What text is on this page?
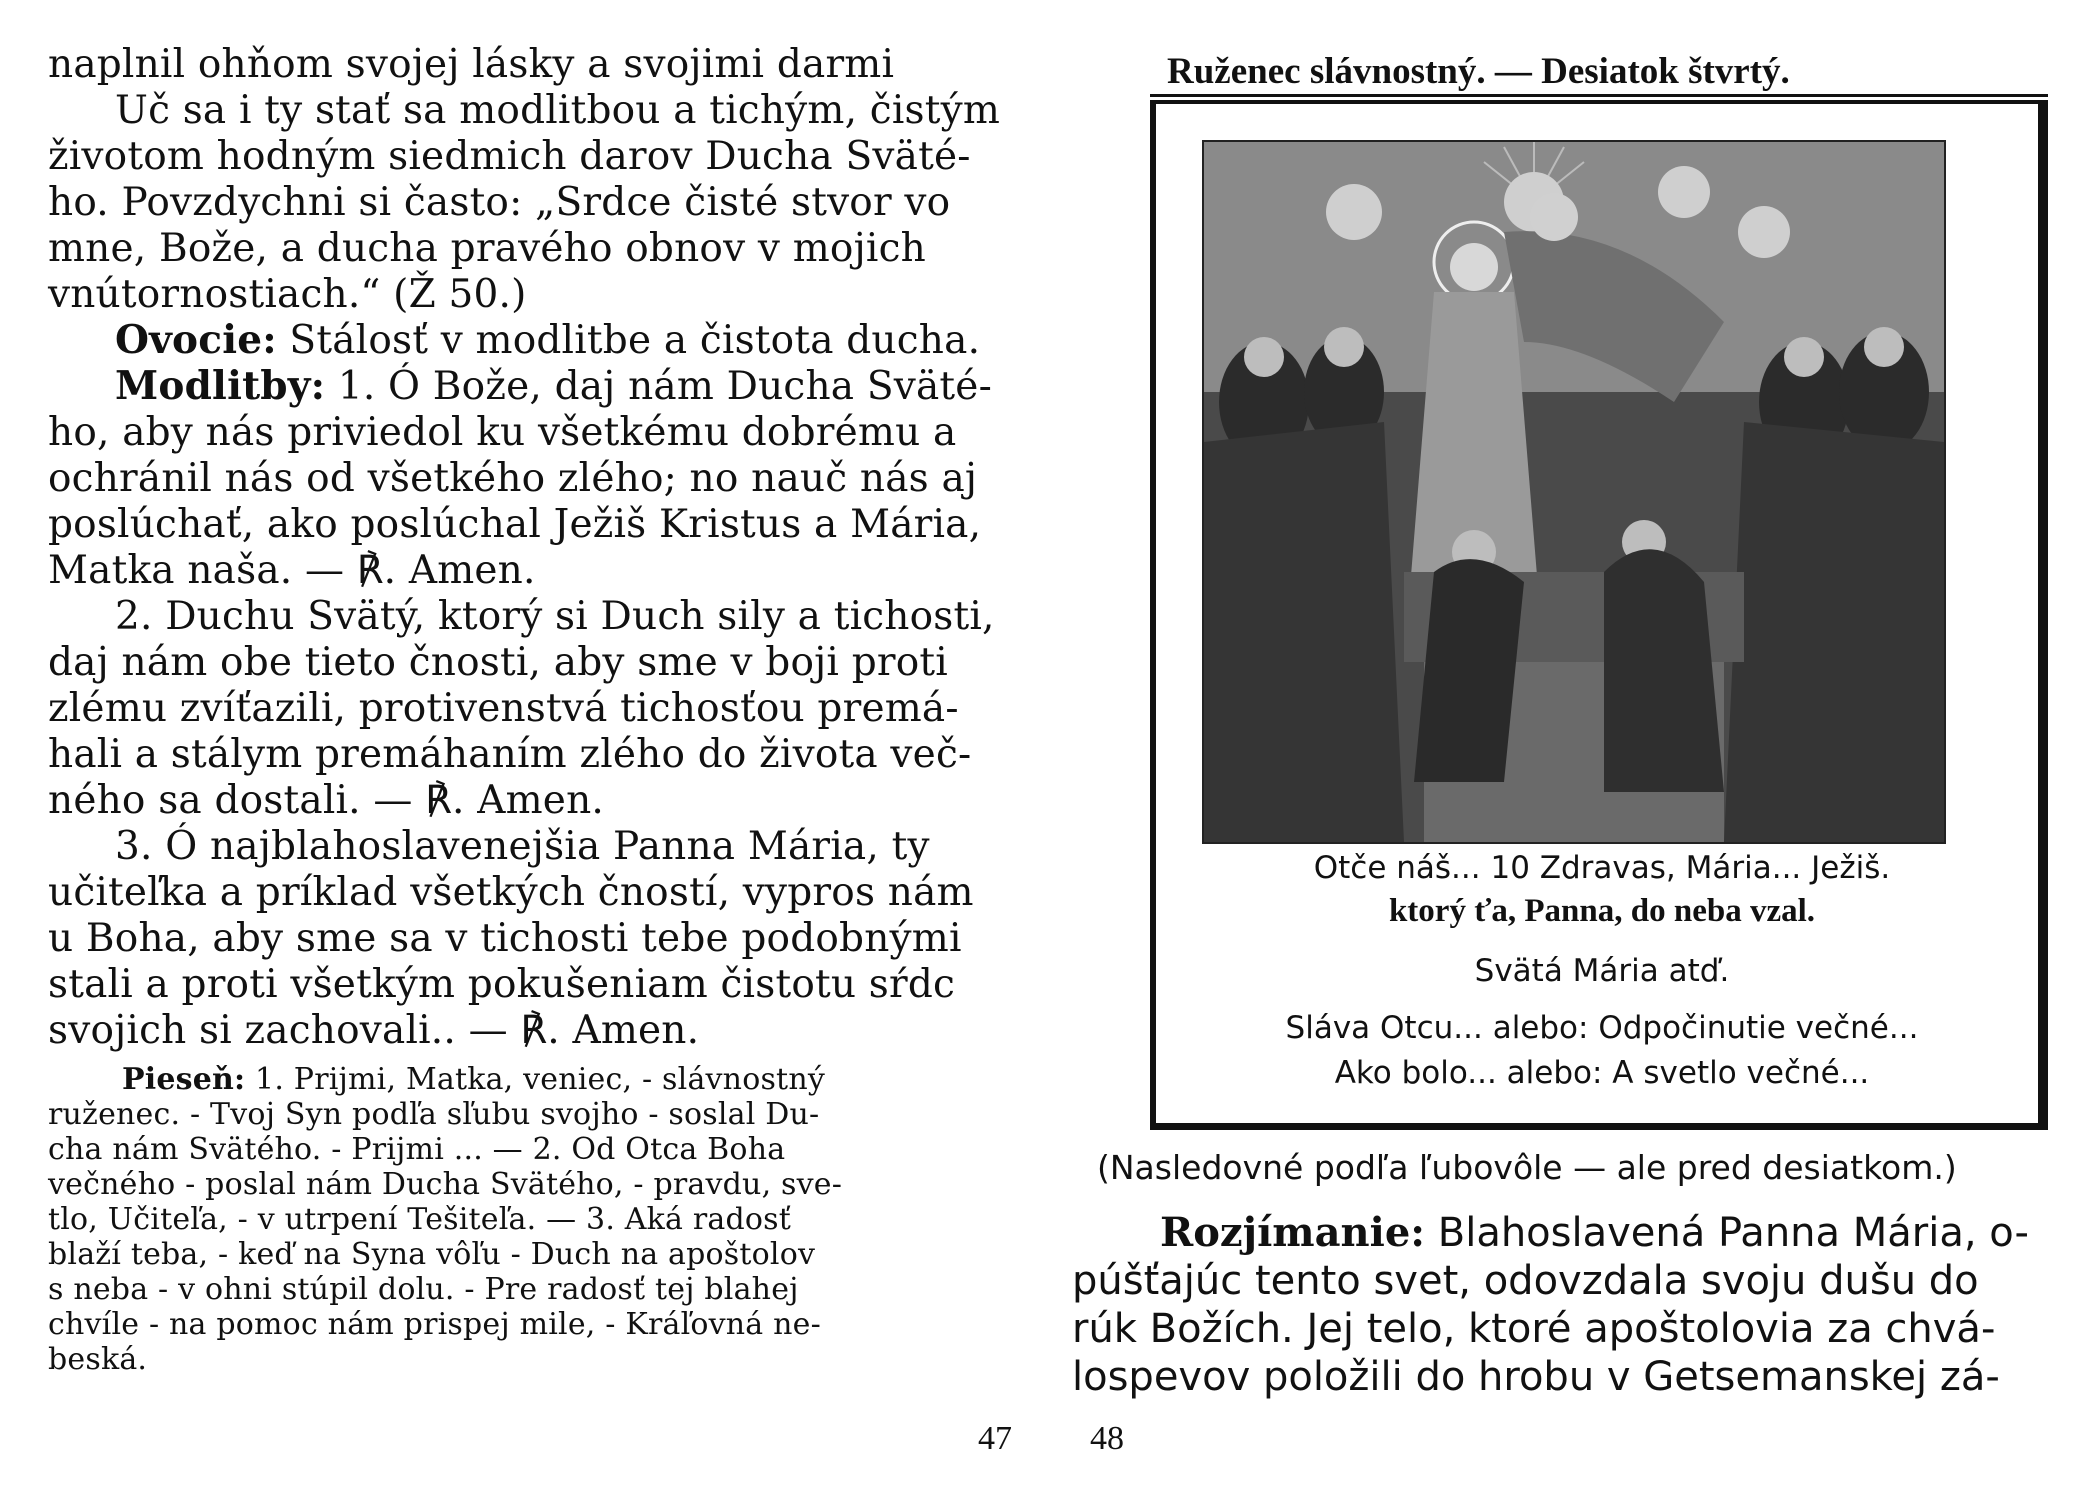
naplnil ohňom svojej lásky a svojimi darmi
Uč sa i ty stať sa modlitbou a tichým, čistým
životom hodným siedmich darov Ducha Sväté-
ho. Povzdychni si často: „Srdce čisté stvor vo
mne, Bože, a ducha pravého obnov v mojich
vnútornostiach.“ (Ž 50.)
Ovocie: Stálosť v modlitbe a čistota ducha.
Modlitby: 1. Ó Bože, daj nám Ducha Sväté-
ho, aby nás priviedol ku všetkému dobrému a
ochránil nás od všetkého zlého; no nauč nás aj
poslúchať, ako poslúchal Ježiš Kristus a Mária,
Matka naša. — ℟. Amen.
2. Duchu Svätý, ktorý si Duch sily a tichosti,
daj nám obe tieto čnosti, aby sme v boji proti
zlému zvíťazili, protivenstvá tichosťou premá-
hali a stálym premáhaním zlého do života več-
ného sa dostali. — ℟. Amen.
3. Ó najblahoslavenejšia Panna Mária, ty
učiteľka a príklad všetkých čností, vypros nám
u Boha, aby sme sa v tichosti tebe podobnými
stali a proti všetkým pokušeniam čistotu sŕdc
svojich si zachovali.. — ℟. Amen.
Pieseň: 1. Prijmi, Matka, veniec, - slávnostný
ruženec. - Tvoj Syn podľa sľubu svojho - soslal Du-
cha nám Svätého. - Prijmi ... — 2. Od Otca Boha
večného - poslal nám Ducha Svätého, - pravdu, sve-
tlo, Učiteľa, - v utrpení Tešiteľa. — 3. Aká radosť
blaží teba, - keď na Syna vôľu - Duch na apoštolov
s neba - v ohni stúpil dolu. - Pre radosť tej blahej
chvíle - na pomoc nám prispej mile, - Kráľovná ne-
beská.
47
Ruženec slávnostný. — Desiatok štvrtý.
Otče náš... 10 Zdravas, Mária... Ježiš.
ktorý ťa, Panna, do neba vzal.
Svätá Mária atď.
Sláva Otcu... alebo: Odpočinutie večné...
Ako bolo... alebo: A svetlo večné...
(Nasledovné podľa ľubovôle — ale pred desiatkom.)
Rozjímanie: Blahoslavená Panna Mária, o-
púšťajúc tento svet, odovzdala svoju dušu do
rúk Božích. Jej telo, ktoré apoštolovia za chvá-
lospevov položili do hrobu v Getsemanskej zá-
48
